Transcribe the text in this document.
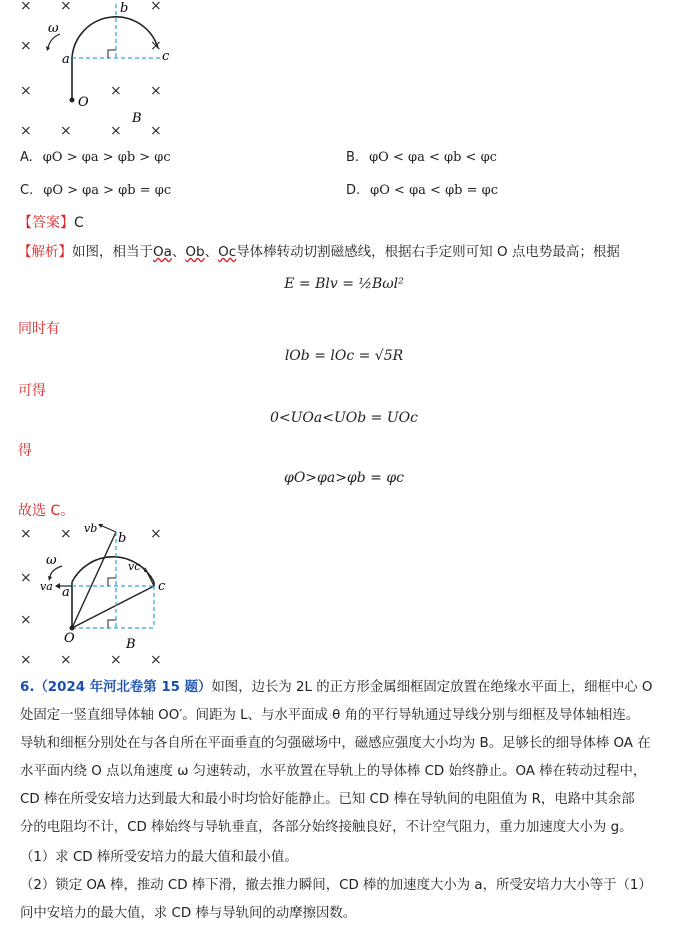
× ×	×
×	×
×	× ×
× ×	× ×
ω
b
c
a
O
B
A. φO > φa > φb > φc	B. φO < φa < φb < φc
C. φO > φa > φb = φc	D. φO < φa < φb = φc
【答案】C
【解析】如图，相当于Oa、Ob、Oc导体棒转动切割磁感线，根据右手定则可知 O 点电势最高；根据
E = Blv = ½Bωl²
同时有
lOb = lOc = √5R
可得
0<UOa<UOb = UOc
得
φO>φa>φb = φc
故选 C。
× ×	×
×
×
× ×	× ×
ω
vb
b
vc
c
va a
O	B
6.（2024 年河北卷第 15 题）如图，边长为 2L 的正方形金属细框固定放置在绝缘水平面上，细框中心 O
处固定一竖直细导体轴 OO′。间距为 L、与水平面成 θ 角的平行导轨通过导线分别与细框及导体轴相连。
导轨和细框分别处在与各自所在平面垂直的匀强磁场中，磁感应强度大小均为 B。足够长的细导体棒 OA 在
水平面内绕 O 点以角速度 ω 匀速转动，水平放置在导轨上的导体棒 CD 始终静止。OA 棒在转动过程中，
CD 棒在所受安培力达到最大和最小时均恰好能静止。已知 CD 棒在导轨间的电阻值为 R，电路中其余部
分的电阻均不计，CD 棒始终与导轨垂直，各部分始终接触良好，不计空气阻力，重力加速度大小为 g。
（1）求 CD 棒所受安培力的最大值和最小值。
（2）锁定 OA 棒，推动 CD 棒下滑，撤去推力瞬间，CD 棒的加速度大小为 a，所受安培力大小等于（1）
问中安培力的最大值，求 CD 棒与导轨间的动摩擦因数。
